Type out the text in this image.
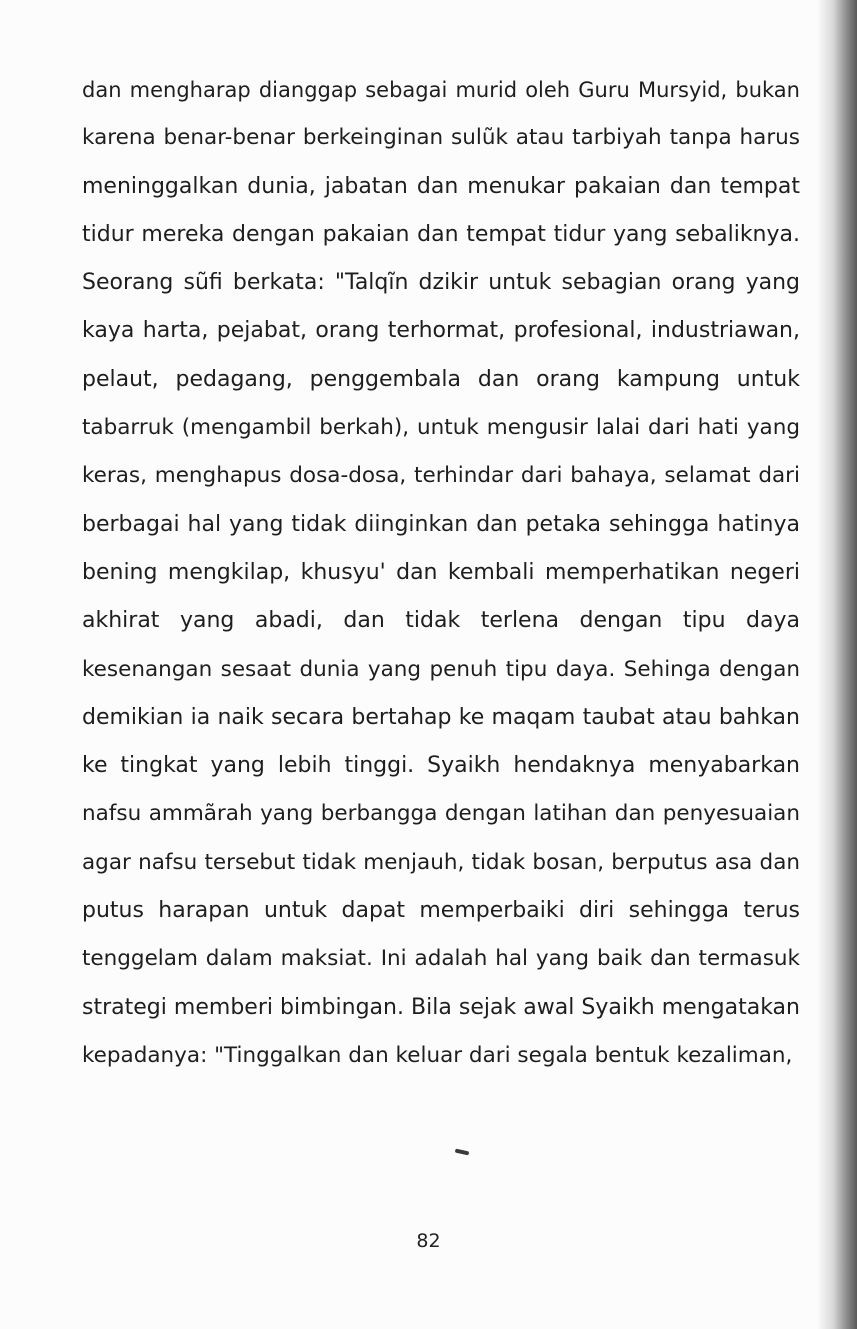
dan mengharap dianggap sebagai murid oleh Guru Mursyid, bukan
karena benar-benar berkeinginan sulũk atau tarbiyah tanpa harus
meninggalkan dunia, jabatan dan menukar pakaian dan tempat
tidur mereka dengan pakaian dan tempat tidur yang sebaliknya.
Seorang sũfi berkata: "Talqĩn dzikir untuk sebagian orang yang
kaya harta, pejabat, orang terhormat, profesional, industriawan,
pelaut, pedagang, penggembala dan orang kampung untuk
tabarruk (mengambil berkah), untuk mengusir lalai dari hati yang
keras, menghapus dosa-dosa, terhindar dari bahaya, selamat dari
berbagai hal yang tidak diinginkan dan petaka sehingga hatinya
bening mengkilap, khusyu' dan kembali memperhatikan negeri
akhirat yang abadi, dan tidak terlena dengan tipu daya
kesenangan sesaat dunia yang penuh tipu daya. Sehinga dengan
demikian ia naik secara bertahap ke maqam taubat atau bahkan
ke tingkat yang lebih tinggi. Syaikh hendaknya menyabarkan
nafsu ammãrah yang berbangga dengan latihan dan penyesuaian
agar nafsu tersebut tidak menjauh, tidak bosan, berputus asa dan
putus harapan untuk dapat memperbaiki diri sehingga terus
tenggelam dalam maksiat. Ini adalah hal yang baik dan termasuk
strategi memberi bimbingan. Bila sejak awal Syaikh mengatakan
kepadanya: "Tinggalkan dan keluar dari segala bentuk kezaliman,
82
